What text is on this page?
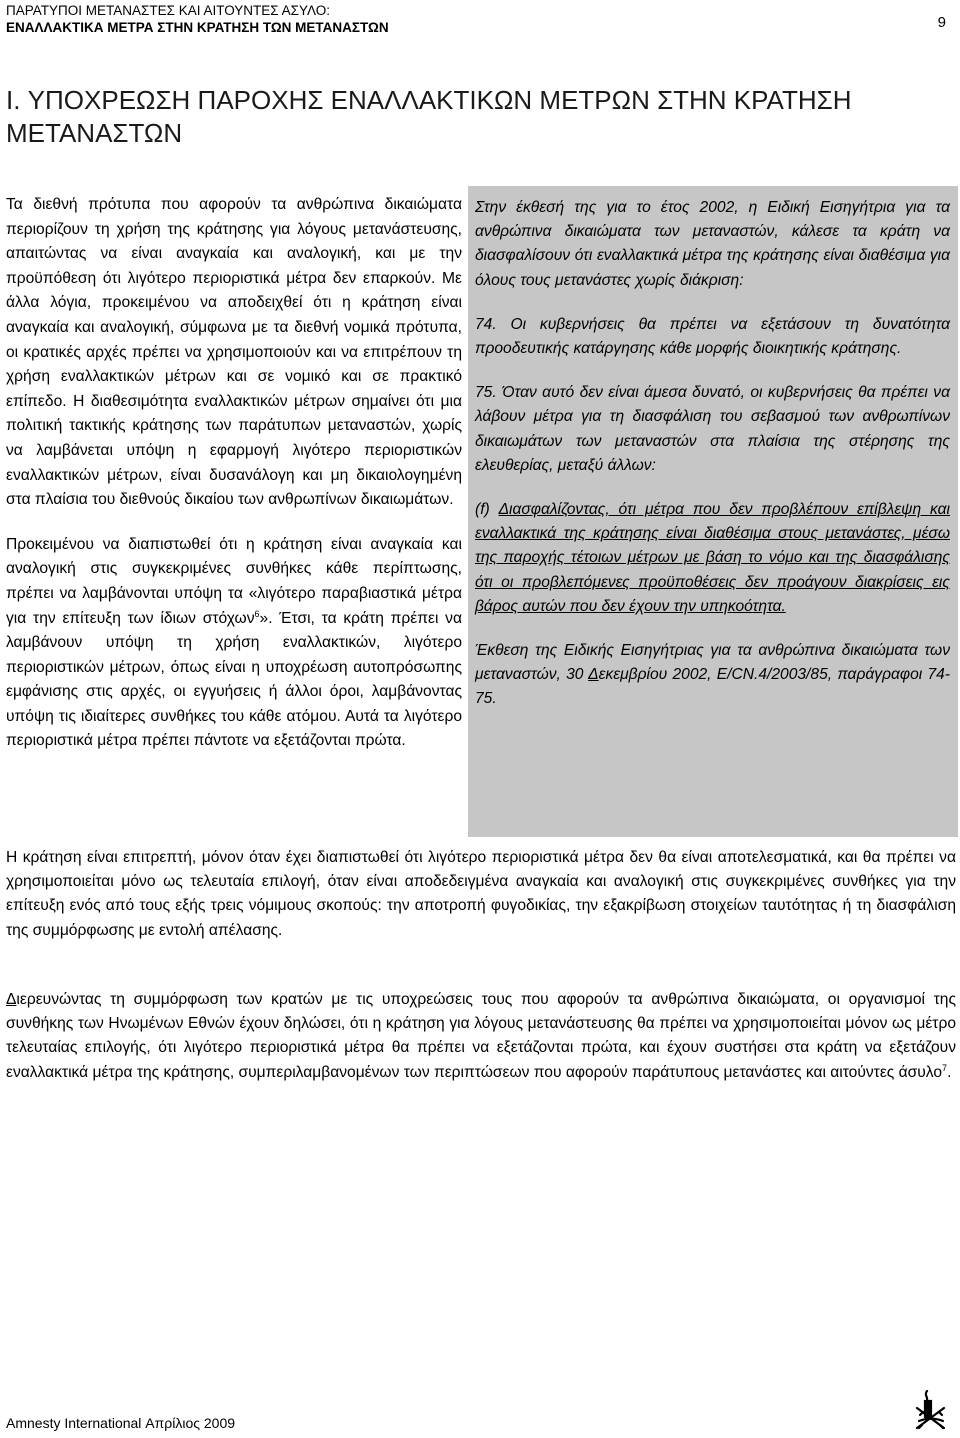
ΠΑΡΑΤΥΠΟΙ ΜΕΤΑΝΑΣΤΕΣ ΚΑΙ ΑΙΤΟΥΝΤΕΣ ΑΣΥΛΟ:
ΕΝΑΛΛΑΚΤΙΚΑ ΜΕΤΡΑ ΣΤΗΝ ΚΡΑΤΗΣΗ ΤΩΝ ΜΕΤΑΝΑΣΤΩΝ	9
I. ΥΠΟΧΡΕΩΣΗ ΠΑΡΟΧΗΣ ΕΝΑΛΛΑΚΤΙΚΩΝ ΜΕΤΡΩΝ ΣΤΗΝ ΚΡΑΤΗΣΗ ΜΕΤΑΝΑΣΤΩΝ

Τα διεθνή πρότυπα που αφορούν τα ανθρώπινα δικαιώματα περιορίζουν τη χρήση της κράτησης για λόγους μετανάστευσης, απαιτώντας να είναι αναγκαία και αναλογική, και με την προϋπόθεση ότι λιγότερο περιοριστικά μέτρα δεν επαρκούν. Με άλλα λόγια, προκειμένου να αποδειχθεί ότι η κράτηση είναι αναγκαία και αναλογική, σύμφωνα με τα διεθνή νομικά πρότυπα, οι κρατικές αρχές πρέπει να χρησιμοποιούν και να επιτρέπουν τη χρήση εναλλακτικών μέτρων και σε νομικό και σε πρακτικό επίπεδο. Η διαθεσιμότητα εναλλακτικών μέτρων σημαίνει ότι μια πολιτική τακτικής κράτησης των παράτυπων μεταναστών, χωρίς να λαμβάνεται υπόψη η εφαρμογή λιγότερο περιοριστικών εναλλακτικών μέτρων, είναι δυσανάλογη και μη δικαιολογημένη στα πλαίσια του διεθνούς δικαίου των ανθρωπίνων δικαιωμάτων.

Προκειμένου να διαπιστωθεί ότι η κράτηση είναι αναγκαία και αναλογική στις συγκεκριμένες συνθήκες κάθε περίπτωσης, πρέπει να λαμβάνονται υπόψη τα «λιγότερο παραβιαστικά μέτρα για την επίτευξη των ίδιων στόχων$^6$». Έτσι, τα κράτη πρέπει να λαμβάνουν υπόψη τη χρήση εναλλακτικών, λιγότερο περιοριστικών μέτρων, όπως είναι η υποχρέωση αυτοπρόσωπης εμφάνισης στις αρχές, οι εγγυήσεις ή άλλοι όροι, λαμβάνοντας υπόψη τις ιδιαίτερες συνθήκες του κάθε ατόμου. Αυτά τα λιγότερο περιοριστικά μέτρα πρέπει πάντοτε να εξετάζονται πρώτα.

Στην έκθεσή της για το έτος 2002, η Ειδική Εισηγήτρια για τα ανθρώπινα δικαιώματα των μεταναστών, κάλεσε τα κράτη να διασφαλίσουν ότι εναλλακτικά μέτρα της κράτησης είναι διαθέσιμα για όλους τους μετανάστες χωρίς διάκριση:

74. Οι κυβερνήσεις θα πρέπει να εξετάσουν τη δυνατότητα προοδευτικής κατάργησης κάθε μορφής διοικητικής κράτησης.

75. Όταν αυτό δεν είναι άμεσα δυνατό, οι κυβερνήσεις θα πρέπει να λάβουν μέτρα για τη διασφάλιση του σεβασμού των ανθρωπίνων δικαιωμάτων των μεταναστών στα πλαίσια της στέρησης της ελευθερίας, μεταξύ άλλων:

(f) Διασφαλίζοντας, ότι μέτρα που δεν προβλέπουν επίβλεψη και εναλλακτικά της κράτησης είναι διαθέσιμα στους μετανάστες, μέσω της παροχής τέτοιων μέτρων με βάση το νόμο και της διασφάλισης ότι οι προβλεπόμενες προϋποθέσεις δεν προάγουν διακρίσεις εις βάρος αυτών που δεν έχουν την υπηκοότητα.

Έκθεση της Ειδικής Εισηγήτριας για τα ανθρώπινα δικαιώματα των μεταναστών, 30 Δεκεμβρίου 2002, E/CN.4/2003/85, παράγραφοι 74-75.

Η κράτηση είναι επιτρεπτή, μόνον όταν έχει διαπιστωθεί ότι λιγότερο περιοριστικά μέτρα δεν θα είναι αποτελεσματικά, και θα πρέπει να χρησιμοποιείται μόνο ως τελευταία επιλογή, όταν είναι αποδεδειγμένα αναγκαία και αναλογική στις συγκεκριμένες συνθήκες για την επίτευξη ενός από τους εξής τρεις νόμιμους σκοπούς: την αποτροπή φυγοδικίας, την εξακρίβωση στοιχείων ταυτότητας ή τη διασφάλιση της συμμόρφωσης με εντολή απέλασης.

Διερευνώντας τη συμμόρφωση των κρατών με τις υποχρεώσεις τους που αφορούν τα ανθρώπινα δικαιώματα, οι οργανισμοί της συνθήκης των Ηνωμένων Εθνών έχουν δηλώσει, ότι η κράτηση για λόγους μετανάστευσης θα πρέπει να χρησιμοποιείται μόνον ως μέτρο τελευταίας επιλογής, ότι λιγότερο περιοριστικά μέτρα θα πρέπει να εξετάζονται πρώτα, και έχουν συστήσει στα κράτη να εξετάζουν εναλλακτικά μέτρα της κράτησης, συμπεριλαμβανομένων των περιπτώσεων που αφορούν παράτυπους μετανάστες και αιτούντες άσυλο$^7$.

Amnesty International Απρίλιος 2009
